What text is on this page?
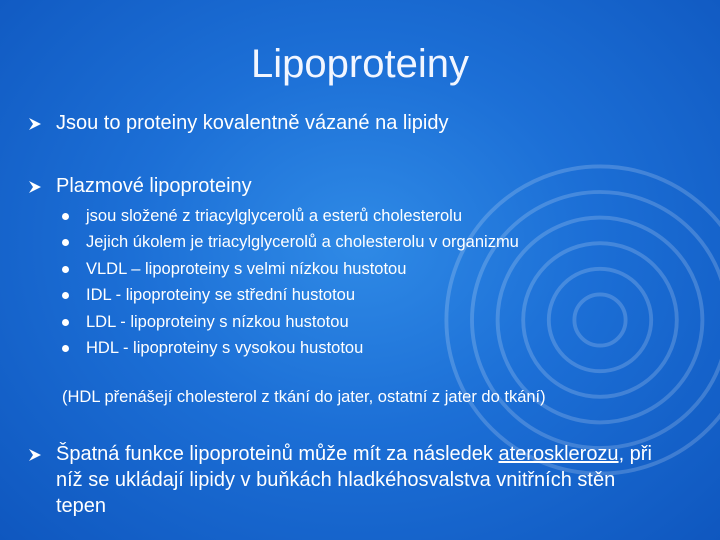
Lipoproteiny
Jsou to proteiny kovalentně vázané na lipidy
Plazmové lipoproteiny
jsou složené z triacylglycerolů a esterů cholesterolu
Jejich úkolem je triacylglycerolů a cholesterolu v organizmu
VLDL – lipoproteiny s velmi nízkou hustotou
IDL - lipoproteiny se střední hustotou
LDL - lipoproteiny s nízkou hustotou
HDL - lipoproteiny s vysokou hustotou
(HDL přenášejí cholesterol z tkání do jater, ostatní z jater do tkání)
Špatná funkce lipoproteinů může mít za následek aterosklerozu, při níž se ukládají lipidy v buňkách hladkéhosvalstva vnitřních stěn tepen
